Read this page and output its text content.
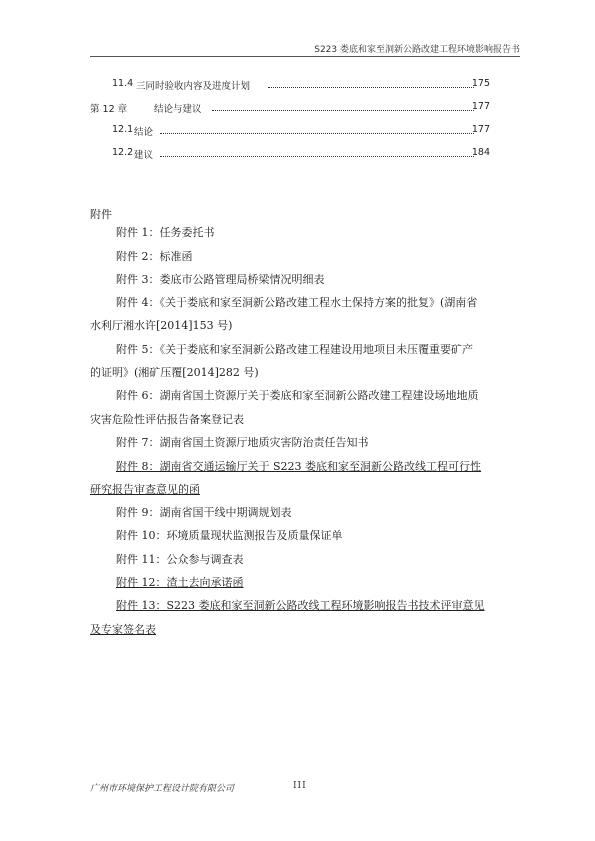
S223 娄底和家至洞新公路改建工程环境影响报告书
11.4 三同时验收内容及进度计划	175
第 12 章	结论与建议	177
12.1 结论	177
12.2 建议	184
附件
附件 1：任务委托书
附件 2：标准函
附件 3：娄底市公路管理局桥梁情况明细表
附件 4：《关于娄底和家至洞新公路改建工程水土保持方案的批复》(湖南省
水利厅湘水许[2014]153 号)
附件 5：《关于娄底和家至洞新公路改建工程建设用地项目未压覆重要矿产
的证明》(湘矿压覆[2014]282 号)
附件 6：湖南省国土资源厅关于娄底和家至洞新公路改建工程建设场地地质
灾害危险性评估报告备案登记表
附件 7：湖南省国土资源厅地质灾害防治责任告知书
附件 8：湖南省交通运输厅关于 S223 娄底和家至洞新公路改线工程可行性
研究报告审查意见的函
附件 9：湖南省国干线中期调规划表
附件 10：环境质量现状监测报告及质量保证单
附件 11：公众参与调查表
附件 12：渣土去向承诺函
附件 13：S223 娄底和家至洞新公路改线工程环境影响报告书技术评审意见
及专家签名表
广州市环境保护工程设计院有限公司	III
